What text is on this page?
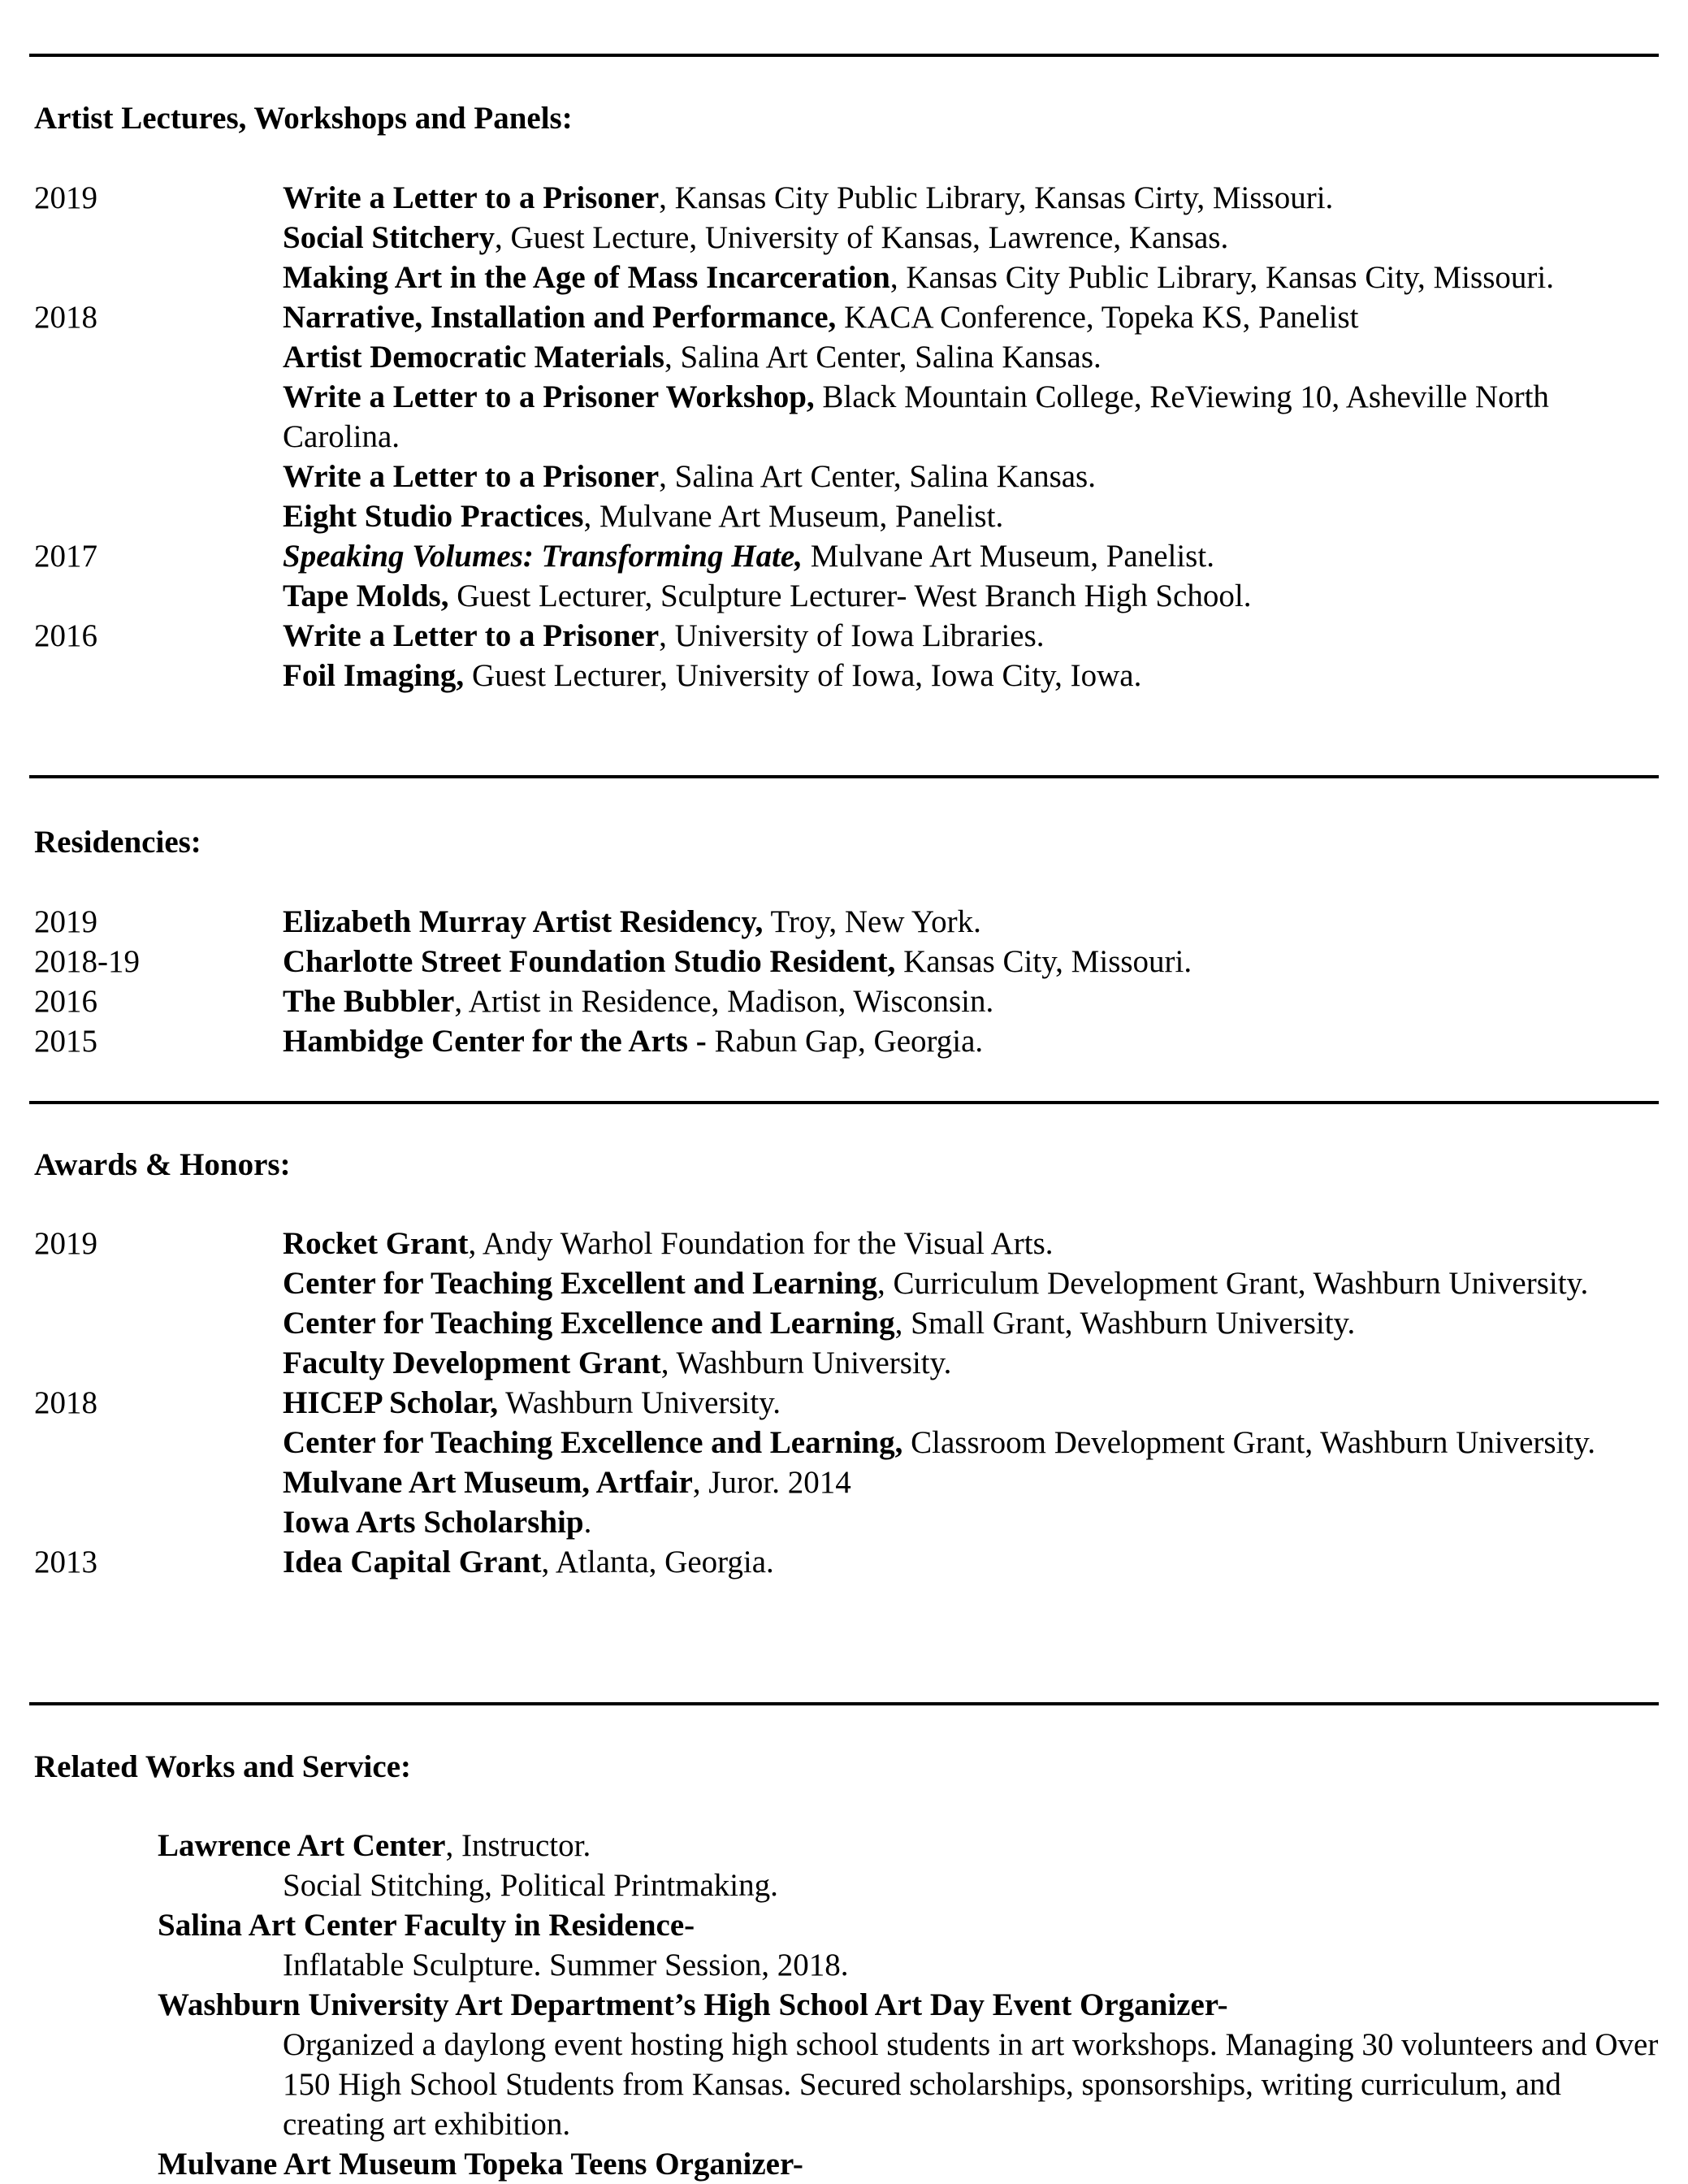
Artist Lectures, Workshops and Panels:
2019	Write a Letter to a Prisoner, Kansas City Public Library, Kansas Cirty, Missouri.
Social Stitchery, Guest Lecture, University of Kansas, Lawrence, Kansas.
Making Art in the Age of Mass Incarceration, Kansas City Public Library, Kansas City, Missouri.
2018	Narrative, Installation and Performance, KACA Conference, Topeka KS, Panelist
Artist Democratic Materials, Salina Art Center, Salina Kansas.
Write a Letter to a Prisoner Workshop, Black Mountain College, ReViewing 10, Asheville North Carolina.
Write a Letter to a Prisoner, Salina Art Center, Salina Kansas.
Eight Studio Practices, Mulvane Art Museum, Panelist.
2017	Speaking Volumes: Transforming Hate, Mulvane Art Museum, Panelist.
Tape Molds, Guest Lecturer, Sculpture Lecturer- West Branch High School.
2016	Write a Letter to a Prisoner, University of Iowa Libraries.
Foil Imaging, Guest Lecturer, University of Iowa, Iowa City, Iowa.
Residencies:
2019	Elizabeth Murray Artist Residency, Troy, New York.
2018-19	Charlotte Street Foundation Studio Resident, Kansas City, Missouri.
2016	The Bubbler, Artist in Residence, Madison, Wisconsin.
2015	Hambidge Center for the Arts - Rabun Gap, Georgia.
Awards & Honors:
2019	Rocket Grant, Andy Warhol Foundation for the Visual Arts.
Center for Teaching Excellent and Learning, Curriculum Development Grant, Washburn University.
Center for Teaching Excellence and Learning, Small Grant, Washburn University.
Faculty Development Grant, Washburn University.
2018	HICEP Scholar, Washburn University.
Center for Teaching Excellence and Learning, Classroom Development Grant, Washburn University.
Mulvane Art Museum, Artfair, Juror. 2014
Iowa Arts Scholarship.
2013	Idea Capital Grant, Atlanta, Georgia.
Related Works and Service:
Lawrence Art Center, Instructor.
Social Stitching, Political Printmaking.
Salina Art Center Faculty in Residence-
Inflatable Sculpture. Summer Session, 2018.
Washburn University Art Department’s High School Art Day Event Organizer-
Organized a daylong event hosting high school students in art workshops. Managing 30 volunteers and Over 150 High School Students from Kansas. Secured scholarships, sponsorships, writing curriculum, and creating art exhibition.
Mulvane Art Museum Topeka Teens Organizer-
